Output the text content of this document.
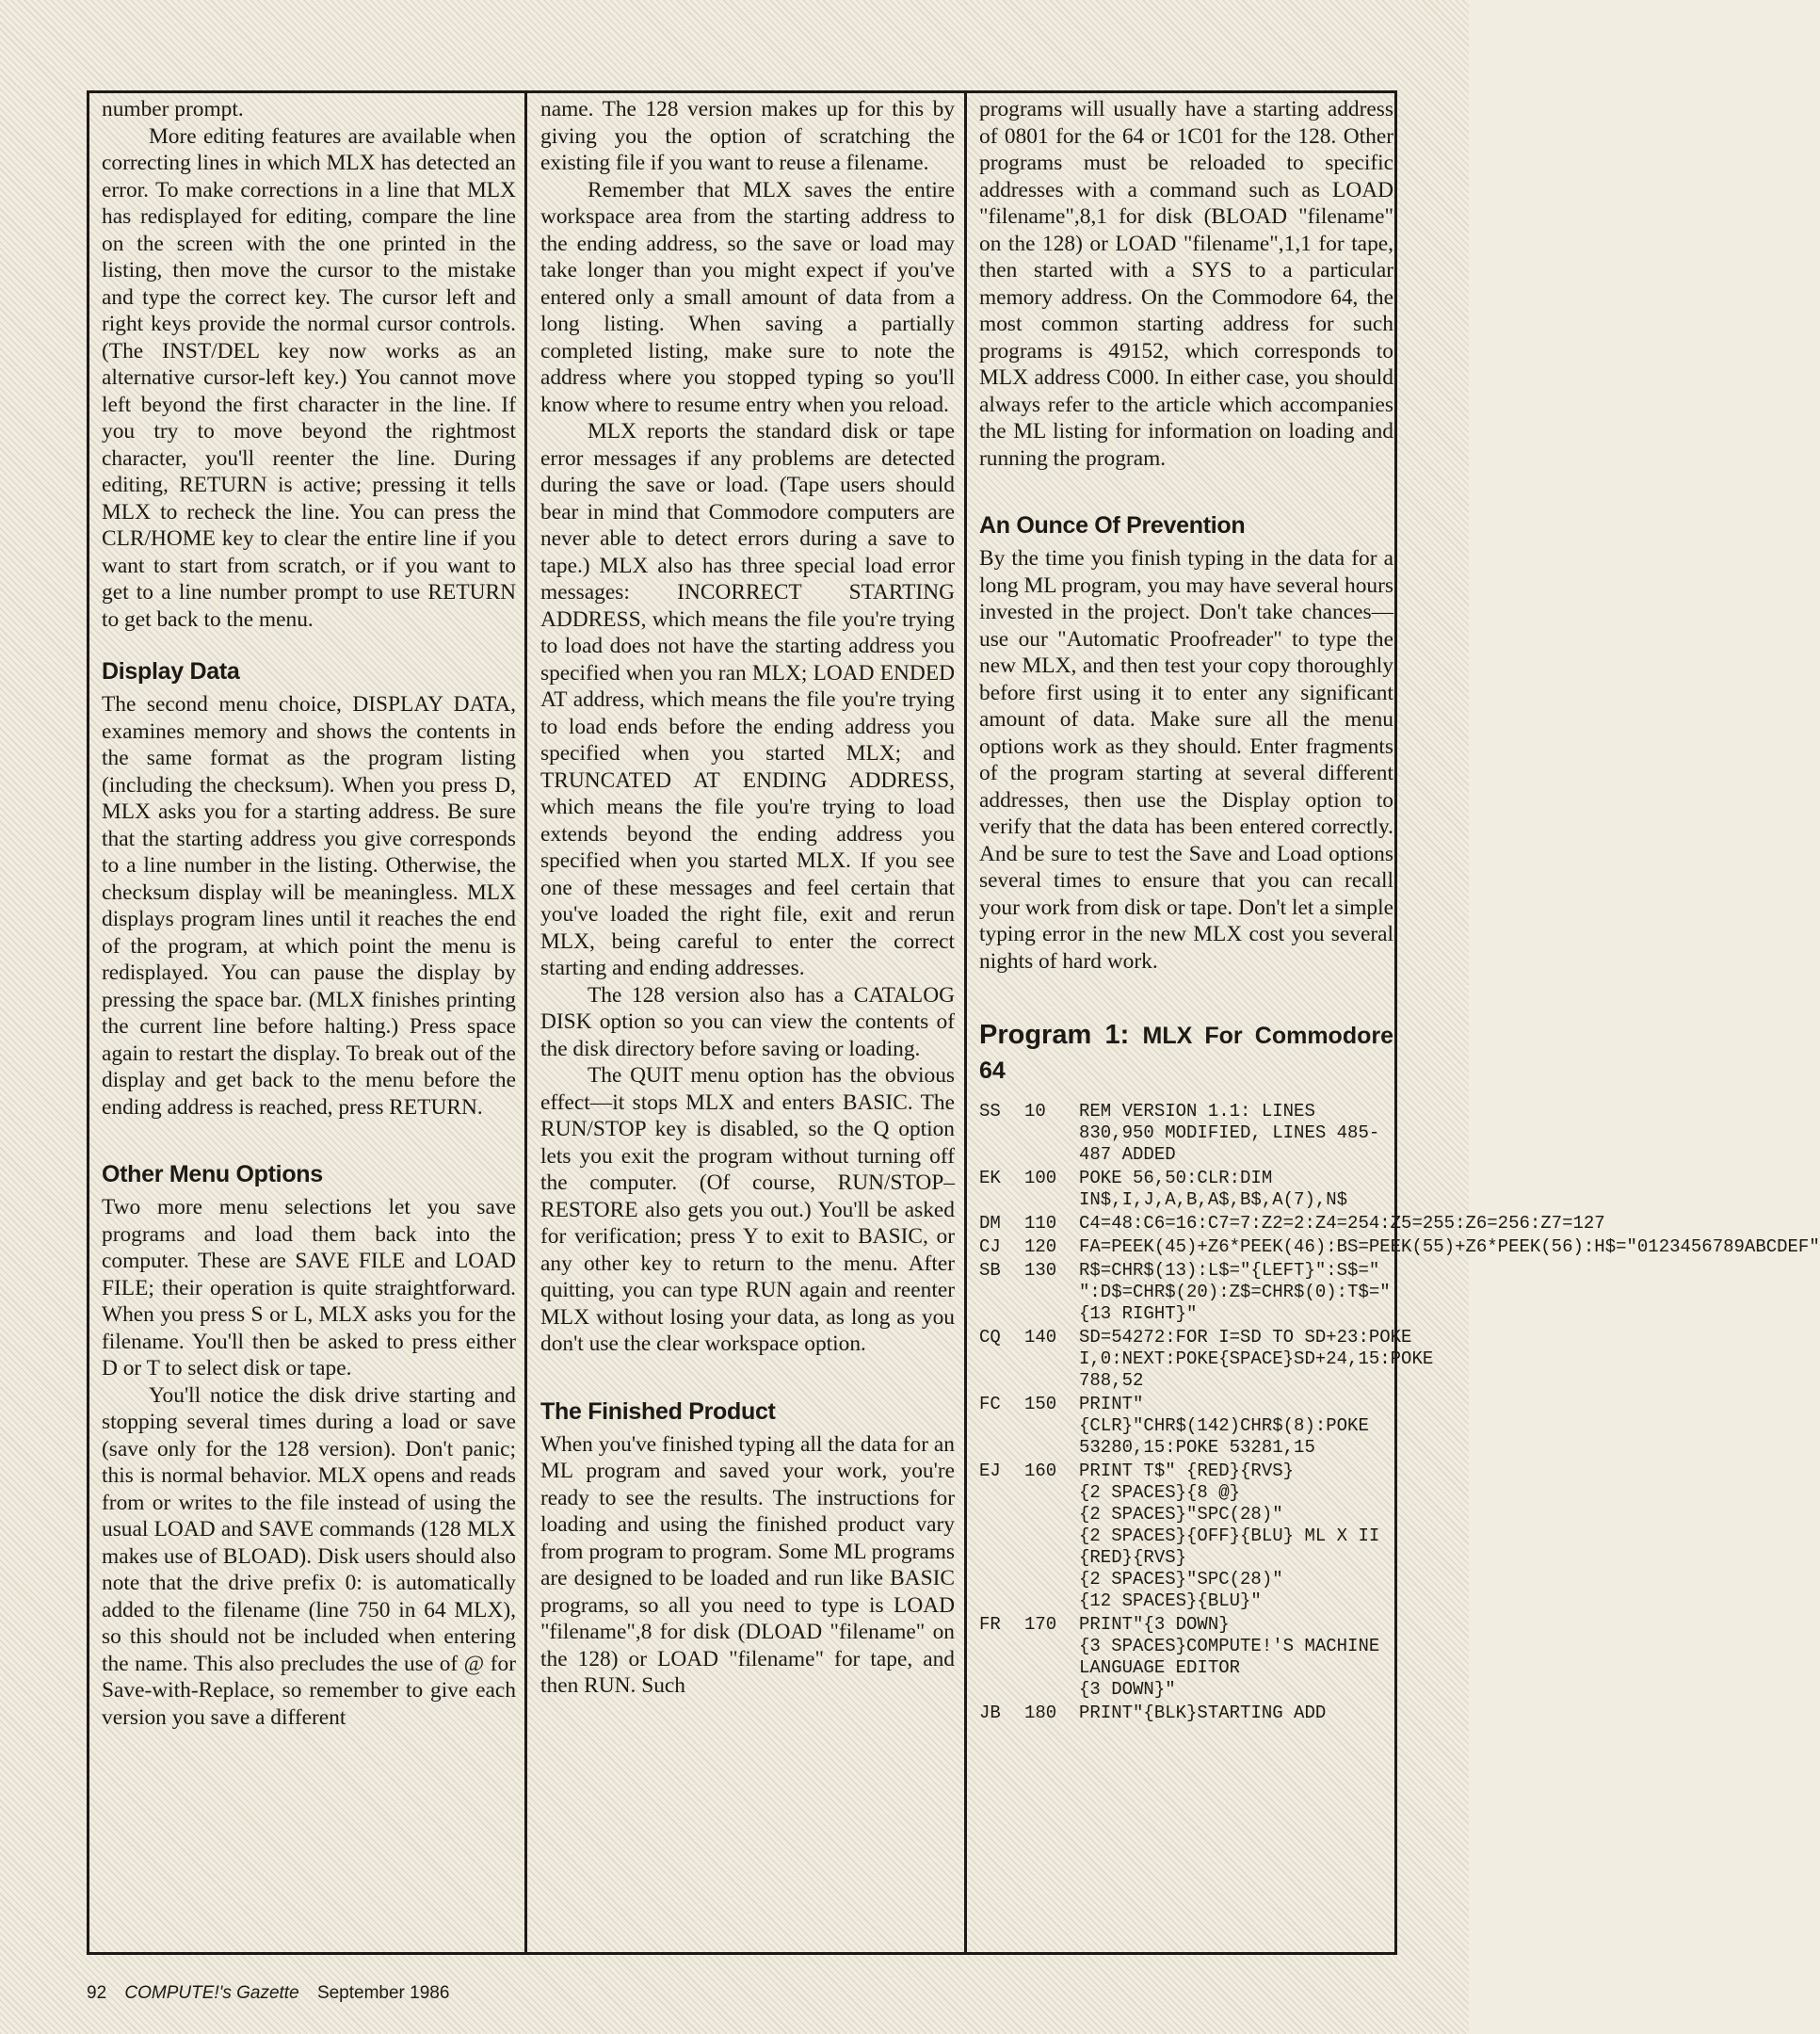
number prompt.

More editing features are available when correcting lines in which MLX has detected an error. To make corrections in a line that MLX has redisplayed for editing, compare the line on the screen with the one printed in the listing, then move the cursor to the mistake and type the correct key. The cursor left and right keys provide the normal cursor controls. (The INST/DEL key now works as an alternative cursor-left key.) You cannot move left beyond the first character in the line. If you try to move beyond the rightmost character, you'll reenter the line. During editing, RETURN is active; pressing it tells MLX to recheck the line. You can press the CLR/HOME key to clear the entire line if you want to start from scratch, or if you want to get to a line number prompt to use RETURN to get back to the menu.

Display Data

The second menu choice, DISPLAY DATA, examines memory and shows the contents in the same format as the program listing (including the checksum). When you press D, MLX asks you for a starting address. Be sure that the starting address you give corresponds to a line number in the listing. Otherwise, the checksum display will be meaningless. MLX displays program lines until it reaches the end of the program, at which point the menu is redisplayed. You can pause the display by pressing the space bar. (MLX finishes printing the current line before halting.) Press space again to restart the display. To break out of the display and get back to the menu before the ending address is reached, press RETURN.

Other Menu Options

Two more menu selections let you save programs and load them back into the computer. These are SAVE FILE and LOAD FILE; their operation is quite straightforward. When you press S or L, MLX asks you for the filename. You'll then be asked to press either D or T to select disk or tape.

You'll notice the disk drive starting and stopping several times during a load or save (save only for the 128 version). Don't panic; this is normal behavior. MLX opens and reads from or writes to the file instead of using the usual LOAD and SAVE commands (128 MLX makes use of BLOAD). Disk users should also note that the drive prefix 0: is automatically added to the filename (line 750 in 64 MLX), so this should not be included when entering the name. This also precludes the use of @ for Save-with-Replace, so remember to give each version you save a different

name. The 128 version makes up for this by giving you the option of scratching the existing file if you want to reuse a filename.

Remember that MLX saves the entire workspace area from the starting address to the ending address, so the save or load may take longer than you might expect if you've entered only a small amount of data from a long listing. When saving a partially completed listing, make sure to note the address where you stopped typing so you'll know where to resume entry when you reload.

MLX reports the standard disk or tape error messages if any problems are detected during the save or load. (Tape users should bear in mind that Commodore computers are never able to detect errors during a save to tape.) MLX also has three special load error messages: INCORRECT STARTING ADDRESS, which means the file you're trying to load does not have the starting address you specified when you ran MLX; LOAD ENDED AT address, which means the file you're trying to load ends before the ending address you specified when you started MLX; and TRUNCATED AT ENDING ADDRESS, which means the file you're trying to load extends beyond the ending address you specified when you started MLX. If you see one of these messages and feel certain that you've loaded the right file, exit and rerun MLX, being careful to enter the correct starting and ending addresses.

The 128 version also has a CATALOG DISK option so you can view the contents of the disk directory before saving or loading.

The QUIT menu option has the obvious effect—it stops MLX and enters BASIC. The RUN/STOP key is disabled, so the Q option lets you exit the program without turning off the computer. (Of course, RUN/STOP–RESTORE also gets you out.) You'll be asked for verification; press Y to exit to BASIC, or any other key to return to the menu. After quitting, you can type RUN again and reenter MLX without losing your data, as long as you don't use the clear workspace option.

The Finished Product

When you've finished typing all the data for an ML program and saved your work, you're ready to see the results. The instructions for loading and using the finished product vary from program to program. Some ML programs are designed to be loaded and run like BASIC programs, so all you need to type is LOAD "filename",8 for disk (DLOAD "filename" on the 128) or LOAD "filename" for tape, and then RUN. Such

programs will usually have a starting address of 0801 for the 64 or 1C01 for the 128. Other programs must be reloaded to specific addresses with a command such as LOAD "filename",8,1 for disk (BLOAD "filename" on the 128) or LOAD "filename",1,1 for tape, then started with a SYS to a particular memory address. On the Commodore 64, the most common starting address for such programs is 49152, which corresponds to MLX address C000. In either case, you should always refer to the article which accompanies the ML listing for information on loading and running the program.

An Ounce Of Prevention

By the time you finish typing in the data for a long ML program, you may have several hours invested in the project. Don't take chances—use our "Automatic Proofreader" to type the new MLX, and then test your copy thoroughly before first using it to enter any significant amount of data. Make sure all the menu options work as they should. Enter fragments of the program starting at several different addresses, then use the Display option to verify that the data has been entered correctly. And be sure to test the Save and Load options several times to ensure that you can recall your work from disk or tape. Don't let a simple typing error in the new MLX cost you several nights of hard work.

Program 1: MLX For Commodore 64
SS	10	REM VERSION 1.1: LINES 830,950 MODIFIED, LINES 485-487 ADDED
EK	100	POKE 56,50:CLR:DIM IN$,I,J,A,B,A$,B$,A(7),N$
DM	110	C4=48:C6=16:C7=7:Z2=2:Z4=254:Z5=255:Z6=256:Z7=127
CJ	120	FA=PEEK(45)+Z6*PEEK(46):BS=PEEK(55)+Z6*PEEK(56):H$="0123456789ABCDEF"
SB	130	R$=CHR$(13):L$="{LEFT}":S$=" ":D$=CHR$(20):Z$=CHR$(0):T$="{13 RIGHT}"
CQ	140	SD=54272:FOR I=SD TO SD+23:POKE I,0:NEXT:POKE{SPACE}SD+24,15:POKE 788,52
FC	150	PRINT"{CLR}"CHR$(142)CHR$(8):POKE 53280,15:POKE 53281,15
EJ	160	PRINT T$" {RED}{RVS}
{2 SPACES}{8 @}
{2 SPACES}"SPC(28)"
{2 SPACES}{OFF}{BLU} ML X II {RED}{RVS}
{2 SPACES}"SPC(28)"
{12 SPACES}{BLU}"
FR	170	PRINT"{3 DOWN}
{3 SPACES}COMPUTE!'S MACHINE LANGUAGE EDITOR
{3 DOWN}"
JB	180	PRINT"{BLK}STARTING ADD
92 COMPUTE!'s Gazette September 1986
